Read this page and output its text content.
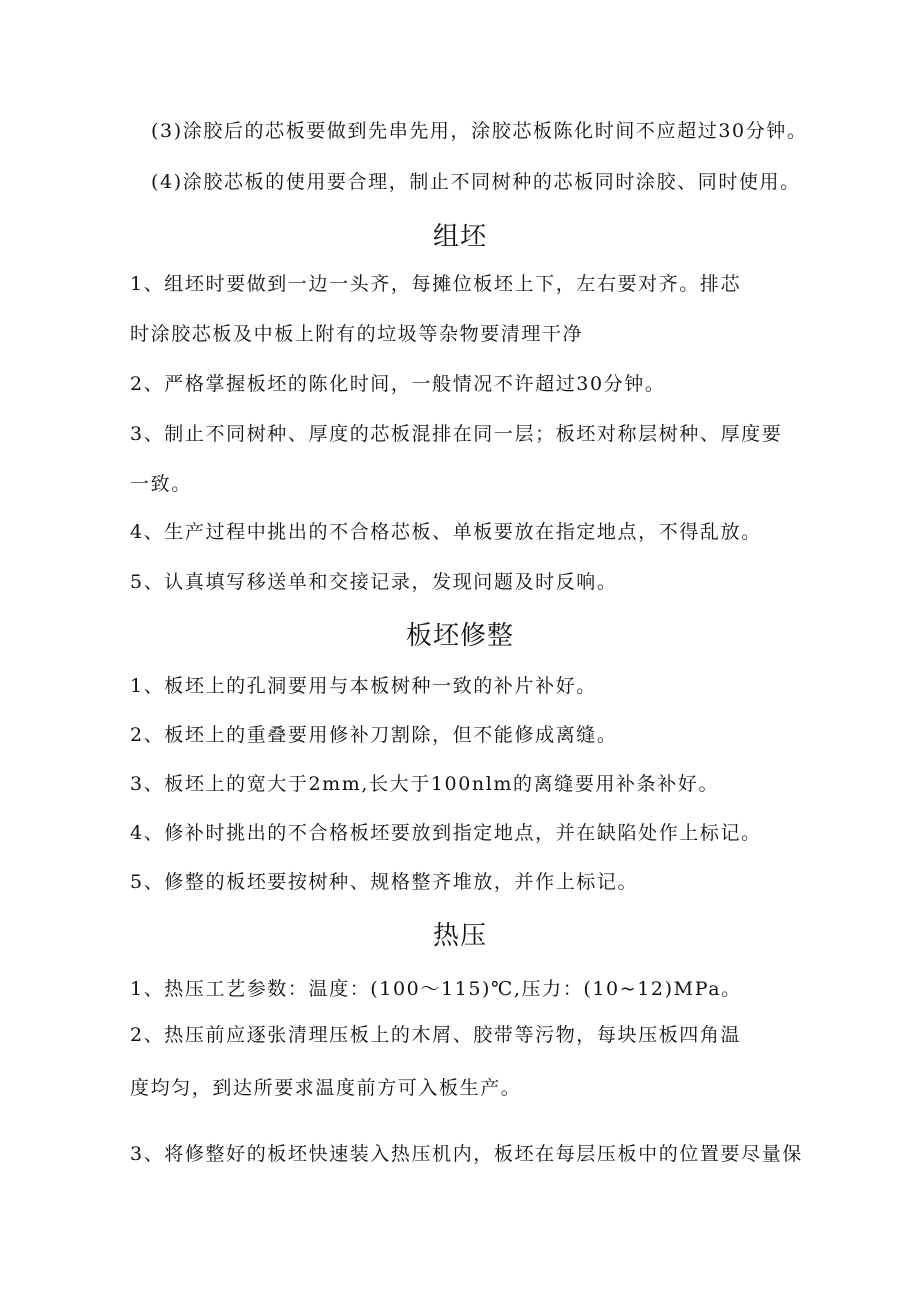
(3)涂胶后的芯板要做到先串先用，涂胶芯板陈化时间不应超过30分钟。

(4)涂胶芯板的使用要合理，制止不同树种的芯板同时涂胶、同时使用。

组坯

1、组坯时要做到一边一头齐，每摊位板坯上下，左右要对齐。排芯

时涂胶芯板及中板上附有的垃圾等杂物要清理干净

2、严格掌握板坯的陈化时间，一般情况不许超过30分钟。

3、制止不同树种、厚度的芯板混排在同一层；板坯对称层树种、厚度要

一致。

4、生产过程中挑出的不合格芯板、单板要放在指定地点，不得乱放。

5、认真填写移送单和交接记录，发现问题及时反响。

板坯修整

1、板坯上的孔洞要用与本板树种一致的补片补好。

2、板坯上的重叠要用修补刀割除，但不能修成离缝。

3、板坯上的宽大于2mm,长大于100nlm的离缝要用补条补好。

4、修补时挑出的不合格板坯要放到指定地点，并在缺陷处作上标记。

5、修整的板坯要按树种、规格整齐堆放，并作上标记。

热压

1、热压工艺参数：温度：(100～115)℃,压力：(10~12)MPa。

2、热压前应逐张清理压板上的木屑、胶带等污物，每块压板四角温

度均匀，到达所要求温度前方可入板生产。

3、将修整好的板坯快速装入热压机内，板坯在每层压板中的位置要尽量保
